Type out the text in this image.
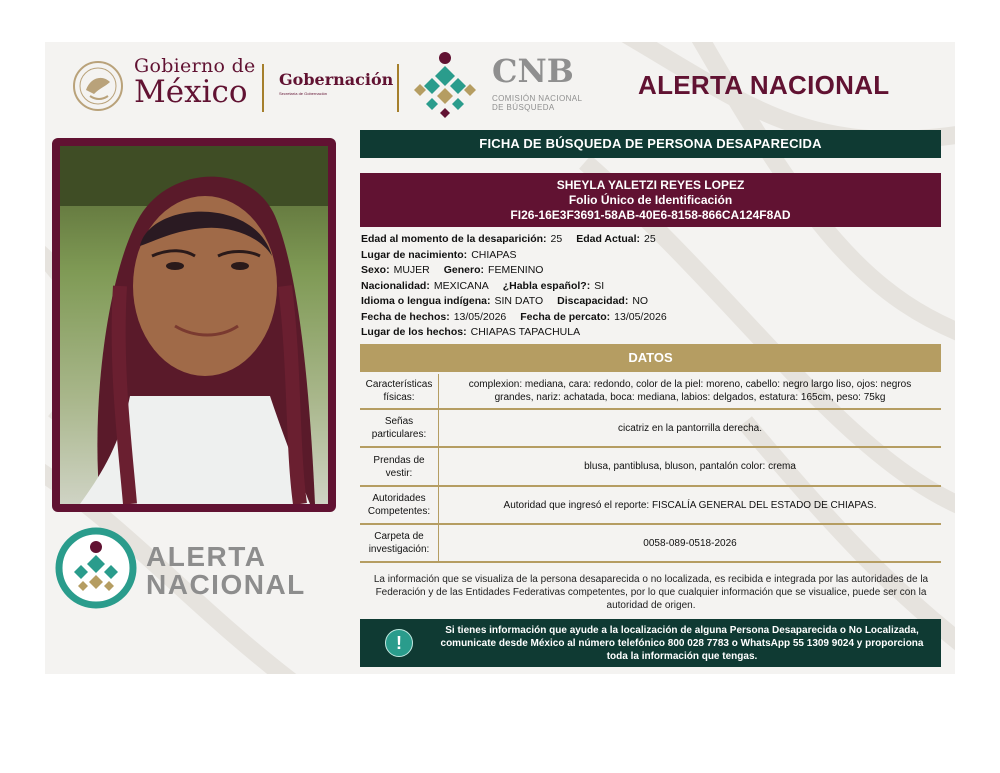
Gobierno de
México	Gobernación
Secretaría de Gobernación
CNB
COMISIÓN NACIONAL
DE BÚSQUEDA
ALERTA NACIONAL
ALERTA
NACIONAL
FICHA DE BÚSQUEDA DE PERSONA DESAPARECIDA
SHEYLA YALETZI REYES LOPEZ
Folio Único de Identificación
FI26-16E3F3691-58AB-40E6-8158-866CA124F8AD
Edad al momento de la desaparición: 25 Edad Actual: 25
Lugar de nacimiento: CHIAPAS
Sexo: MUJER Genero: FEMENINO
Nacionalidad: MEXICANA ¿Habla español?: SI
Idioma o lengua indígena: SIN DATO Discapacidad: NO
Fecha de hechos: 13/05/2026 Fecha de percato: 13/05/2026
Lugar de los hechos: CHIAPAS TAPACHULA
DATOS
Características físicas:
complexion: mediana, cara: redondo, color de la piel: moreno, cabello: negro largo liso, ojos: negros grandes, nariz: achatada, boca: mediana, labios: delgados, estatura: 165cm, peso: 75kg
Señas particulares:
cicatriz en la pantorrilla derecha.
Prendas de vestir:
blusa, pantiblusa, bluson, pantalón color: crema
Autoridades Competentes:
Autoridad que ingresó el reporte: FISCALÍA GENERAL DEL ESTADO DE CHIAPAS.
Carpeta de investigación:
0058-089-0518-2026
La información que se visualiza de la persona desaparecida o no localizada, es recibida e integrada por las autoridades de la Federación y de las Entidades Federativas competentes, por lo que cualquier información que se visualice, puede ser con la autoridad de origen.
!
Si tienes información que ayude a la localización de alguna Persona Desaparecida o No Localizada, comunicate desde México al número telefónico 800 028 7783 o WhatsApp 55 1309 9024 y proporciona toda la información que tengas.
